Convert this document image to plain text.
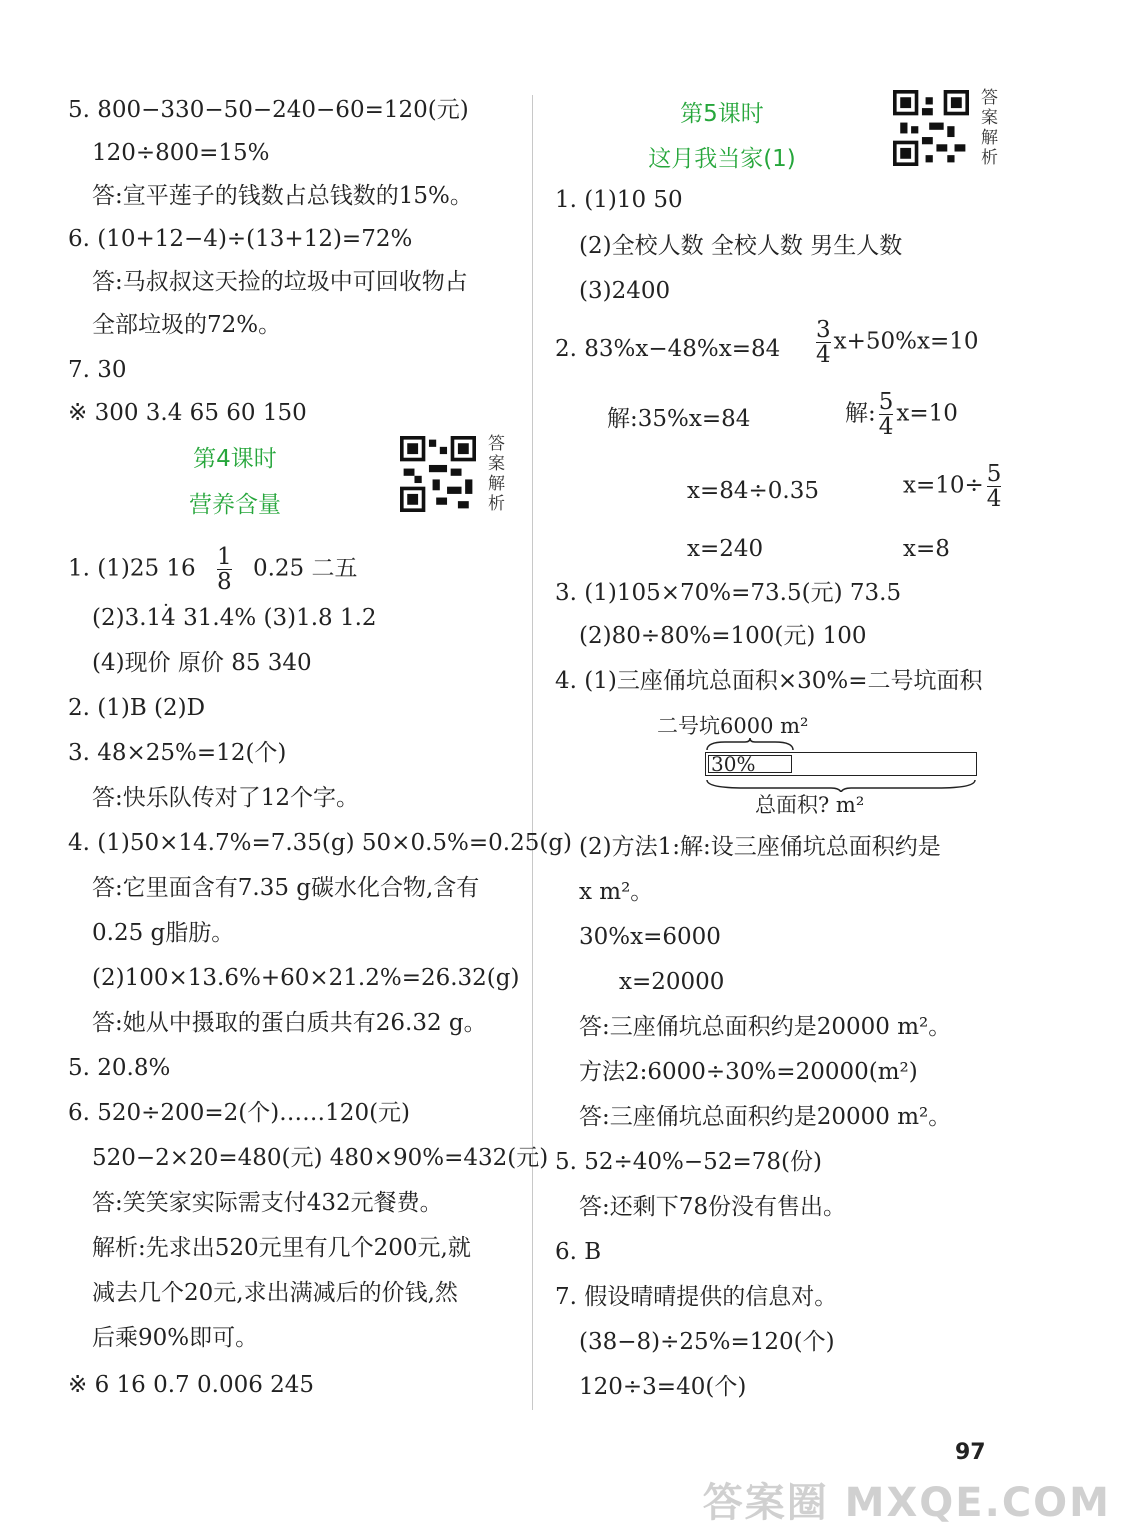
5. 800−330−50−240−60=120(元)
120÷800=15%
答:宣平莲子的钱数占总钱数的15%。
6. (10+12−4)÷(13+12)=72%
答:马叔叔这天捡的垃圾中可回收物占
全部垃圾的72%。
7. 30
※ 300 3.4 65 60 150
第4课时
营养含量
答
案
解
析
1. (1)25 $16 \frac{1}{8} 0.25$ 二五
(2)3.14 · 31.4% (3)1.8 1.2
(4)现价 原价 85 340
2. (1)B (2)D
3. 48×25%=12(个)
答:快乐队传对了12个字。
4. (1)50×14.7%=7.35(g) 50×0.5%=0.25(g)
答:它里面含有7.35 g碳水化合物,含有
0.25 g脂肪。
(2)100×13.6%+60×21.2%=26.32(g)
答:她从中摄取的蛋白质共有26.32 g。
5. 20.8%
6. 520÷200=2(个)……120(元)
520−2×20=480(元) 480×90%=432(元)
答:笑笑家实际需支付432元餐费。
解析:先求出520元里有几个200元,就
减去几个20元,求出满减后的价钱,然
后乘90%即可。
※ 6 16 0.7 0.006 245
第5课时
这月我当家(1)
答
案
解
析
1. (1)10 50
(2)全校人数 全校人数 男生人数
(3)2400
2. $83\%x-48\%x=84 \frac{3}{4} x+50\%x=10$
解:35%x=84	解: $\frac{5}{4} x=10$
x=84÷0.35	$x=10\div \frac{5}{4}$
x=240	x=8
3. (1)105×70%=73.5(元) 73.5
(2)80÷80%=100(元) 100
4. (1)三座俑坑总面积×30%=二号坑面积
二号坑6000 m²
30%
总面积? m²
(2)方法1:解:设三座俑坑总面积约是
x m²。
30%x=6000
x=20000
答:三座俑坑总面积约是20000 m²。
方法2:6000÷30%=20000(m²)
答:三座俑坑总面积约是20000 m²。
5. 52÷40%−52=78(份)
答:还剩下78份没有售出。
6. B
7. 假设晴晴提供的信息对。
(38−8)÷25%=120(个)
120÷3=40(个)
97
答案圈 MXQE.COM
